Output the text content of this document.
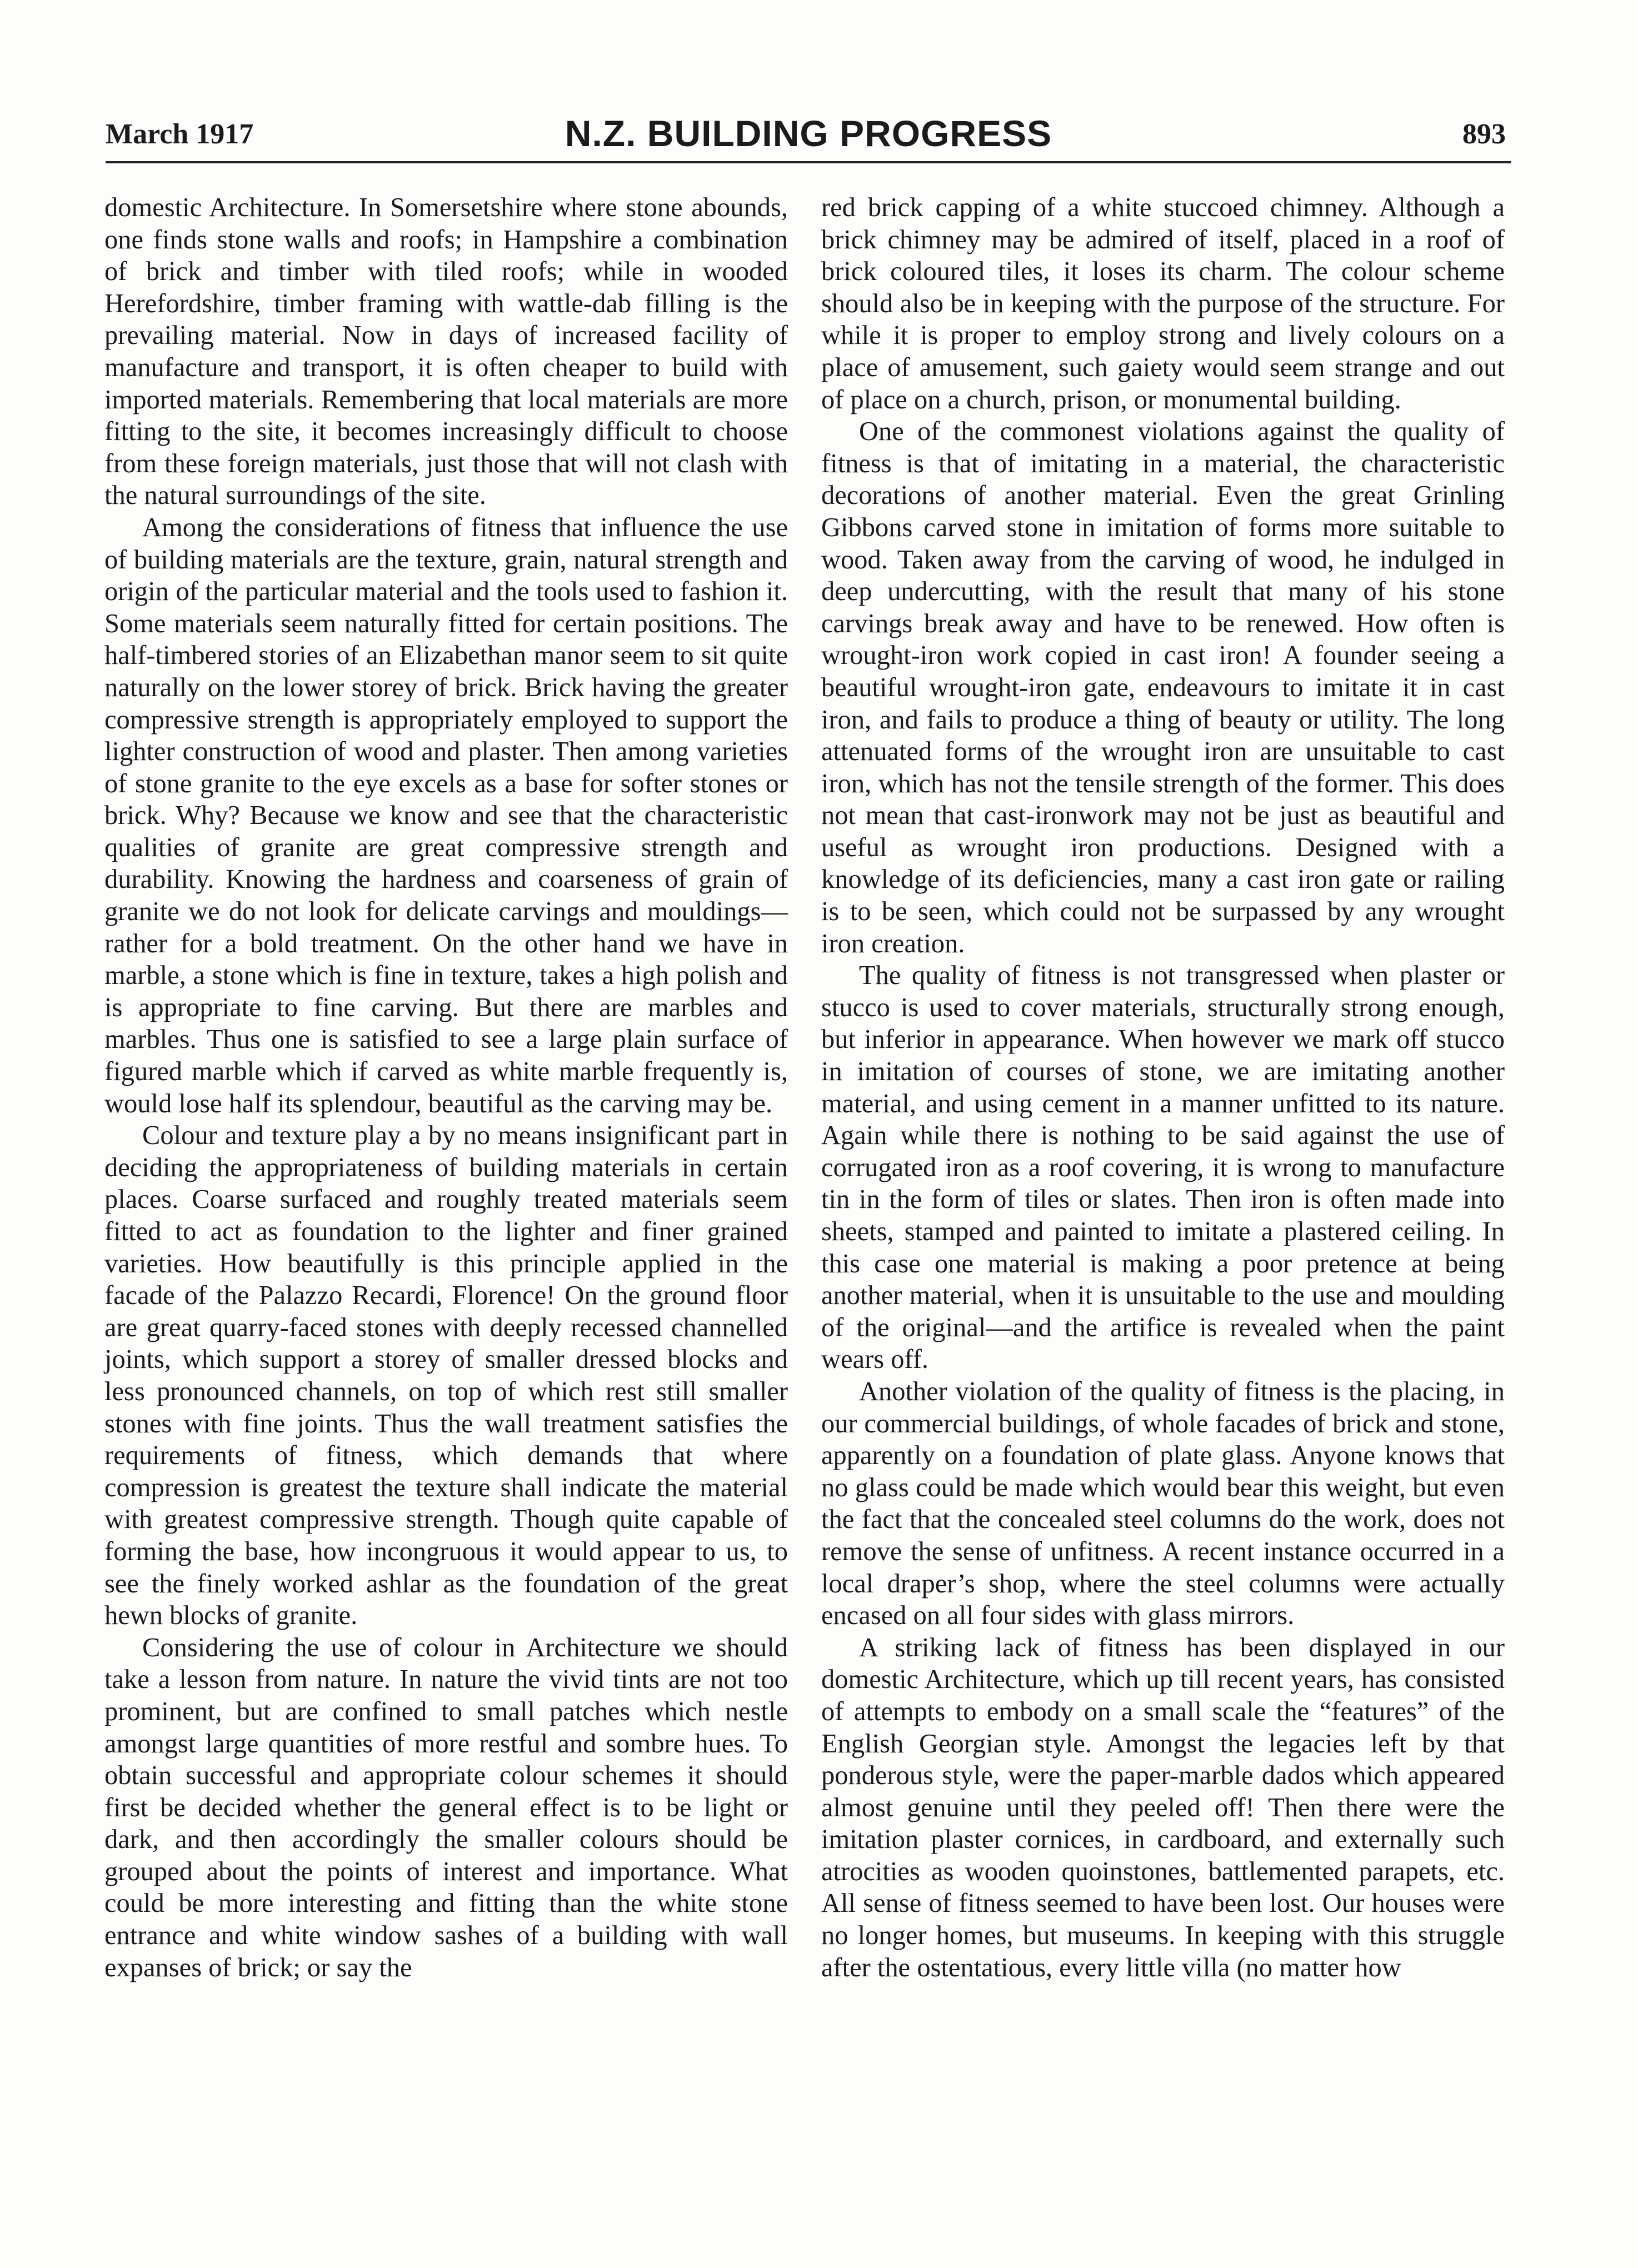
March 1917	N.Z. BUILDING PROGRESS	893

domestic Architecture. In Somersetshire where stone abounds, one finds stone walls and roofs; in Hampshire a combination of brick and timber with tiled roofs; while in wooded Herefordshire, timber framing with wattle-dab filling is the prevailing material. Now in days of increased facility of manufacture and transport, it is often cheaper to build with imported materials. Remembering that local materials are more fitting to the site, it becomes increasingly difficult to choose from these foreign materials, just those that will not clash with the natural surroundings of the site.

Among the considerations of fitness that influence the use of building materials are the texture, grain, natural strength and origin of the particular material and the tools used to fashion it. Some materials seem naturally fitted for certain positions. The half-timbered stories of an Elizabethan manor seem to sit quite naturally on the lower storey of brick. Brick having the greater compressive strength is appropriately employed to support the lighter construction of wood and plaster. Then among varieties of stone granite to the eye excels as a base for softer stones or brick. Why? Because we know and see that the characteristic qualities of granite are great compressive strength and durability. Knowing the hardness and coarseness of grain of granite we do not look for delicate carvings and mouldings—rather for a bold treatment. On the other hand we have in marble, a stone which is fine in texture, takes a high polish and is appropriate to fine carving. But there are marbles and marbles. Thus one is satisfied to see a large plain surface of figured marble which if carved as white marble frequently is, would lose half its splendour, beautiful as the carving may be.

Colour and texture play a by no means insignificant part in deciding the appropriateness of building materials in certain places. Coarse surfaced and roughly treated materials seem fitted to act as foundation to the lighter and finer grained varieties. How beautifully is this principle applied in the facade of the Palazzo Recardi, Florence! On the ground floor are great quarry-faced stones with deeply recessed channelled joints, which support a storey of smaller dressed blocks and less pronounced channels, on top of which rest still smaller stones with fine joints. Thus the wall treatment satisfies the requirements of fitness, which demands that where compression is greatest the texture shall indicate the material with greatest compressive strength. Though quite capable of forming the base, how incongruous it would appear to us, to see the finely worked ashlar as the foundation of the great hewn blocks of granite.

Considering the use of colour in Architecture we should take a lesson from nature. In nature the vivid tints are not too prominent, but are confined to small patches which nestle amongst large quantities of more restful and sombre hues. To obtain successful and appropriate colour schemes it should first be decided whether the general effect is to be light or dark, and then accordingly the smaller colours should be grouped about the points of interest and importance. What could be more interesting and fitting than the white stone entrance and white window sashes of a building with wall expanses of brick; or say the

red brick capping of a white stuccoed chimney. Although a brick chimney may be admired of itself, placed in a roof of brick coloured tiles, it loses its charm. The colour scheme should also be in keeping with the purpose of the structure. For while it is proper to employ strong and lively colours on a place of amusement, such gaiety would seem strange and out of place on a church, prison, or monumental building.

One of the commonest violations against the quality of fitness is that of imitating in a material, the characteristic decorations of another material. Even the great Grinling Gibbons carved stone in imitation of forms more suitable to wood. Taken away from the carving of wood, he indulged in deep undercutting, with the result that many of his stone carvings break away and have to be renewed. How often is wrought-iron work copied in cast iron! A founder seeing a beautiful wrought-iron gate, endeavours to imitate it in cast iron, and fails to produce a thing of beauty or utility. The long attenuated forms of the wrought iron are unsuitable to cast iron, which has not the tensile strength of the former. This does not mean that cast-ironwork may not be just as beautiful and useful as wrought iron productions. Designed with a knowledge of its deficiencies, many a cast iron gate or railing is to be seen, which could not be surpassed by any wrought iron creation.

The quality of fitness is not transgressed when plaster or stucco is used to cover materials, structurally strong enough, but inferior in appearance. When however we mark off stucco in imitation of courses of stone, we are imitating another material, and using cement in a manner unfitted to its nature. Again while there is nothing to be said against the use of corrugated iron as a roof covering, it is wrong to manufacture tin in the form of tiles or slates. Then iron is often made into sheets, stamped and painted to imitate a plastered ceiling. In this case one material is making a poor pretence at being another material, when it is unsuitable to the use and moulding of the original—and the artifice is revealed when the paint wears off.

Another violation of the quality of fitness is the placing, in our commercial buildings, of whole facades of brick and stone, apparently on a foundation of plate glass. Anyone knows that no glass could be made which would bear this weight, but even the fact that the concealed steel columns do the work, does not remove the sense of unfitness. A recent instance occurred in a local draper’s shop, where the steel columns were actually encased on all four sides with glass mirrors.

A striking lack of fitness has been displayed in our domestic Architecture, which up till recent years, has consisted of attempts to embody on a small scale the “features” of the English Georgian style. Amongst the legacies left by that ponderous style, were the paper-marble dados which appeared almost genuine until they peeled off! Then there were the imitation plaster cornices, in cardboard, and externally such atrocities as wooden quoinstones, battlemented parapets, etc. All sense of fitness seemed to have been lost. Our houses were no longer homes, but museums. In keeping with this struggle after the ostentatious, every little villa (no matter how
